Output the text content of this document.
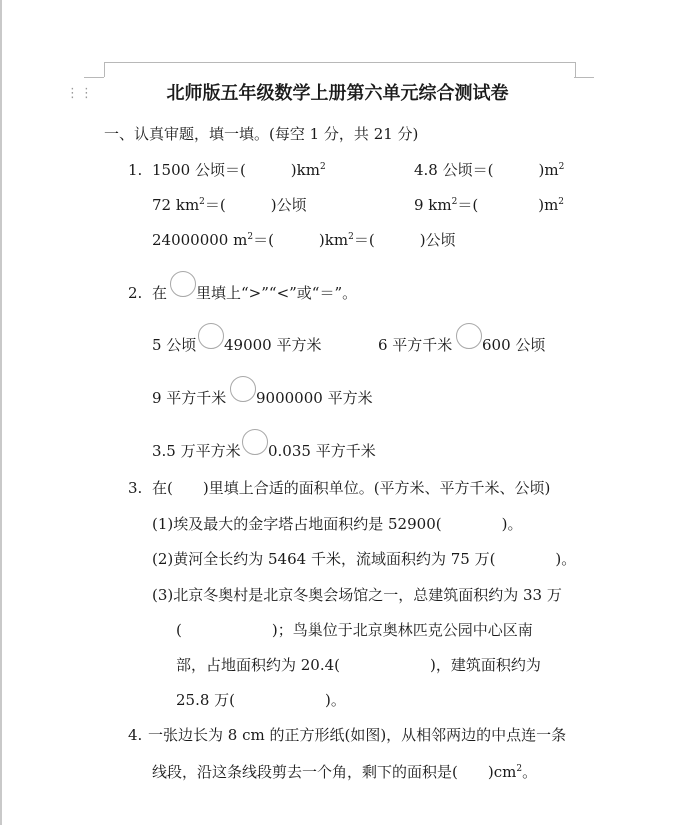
⋮⋮	北师版五年级数学上册第六单元综合测试卷
一、认真审题，填一填。(每空 1 分，共 21 分)
1. 1500 公顷＝(　　　)$km^2$	4.8 公顷＝(　　　)$m^2$
72 $km^2=$(　　　)公顷	9 $km^2=$(　　　　)$m^2$
24000000 $m^2=$(　　　)$km^2=$(　　　)公顷
2. 在 里填上“>”“<”或“＝”。
5 公顷 49000 平方米	6 平方千米 600 公顷
9 平方千米 9000000 平方米
3.5 万平方米 0.035 平方千米
3. 在(　　)里填上合适的面积单位。(平方米、平方千米、公顷)
(1)埃及最大的金字塔占地面积约是 52900(　　　　)。
(2)黄河全长约为 5464 千米，流域面积约为 75 万(　　　　)。
(3)北京冬奥村是北京冬奥会场馆之一，总建筑面积约为 33 万
(　　　　　　)；鸟巢位于北京奥林匹克公园中心区南
部，占地面积约为 20.4(　　　　　　)，建筑面积约为
25.8 万(　　　　　　)。
4. 一张边长为 8 cm 的正方形纸(如图)，从相邻两边的中点连一条
线段，沿这条线段剪去一个角，剩下的面积是(　　)$cm^2$。
